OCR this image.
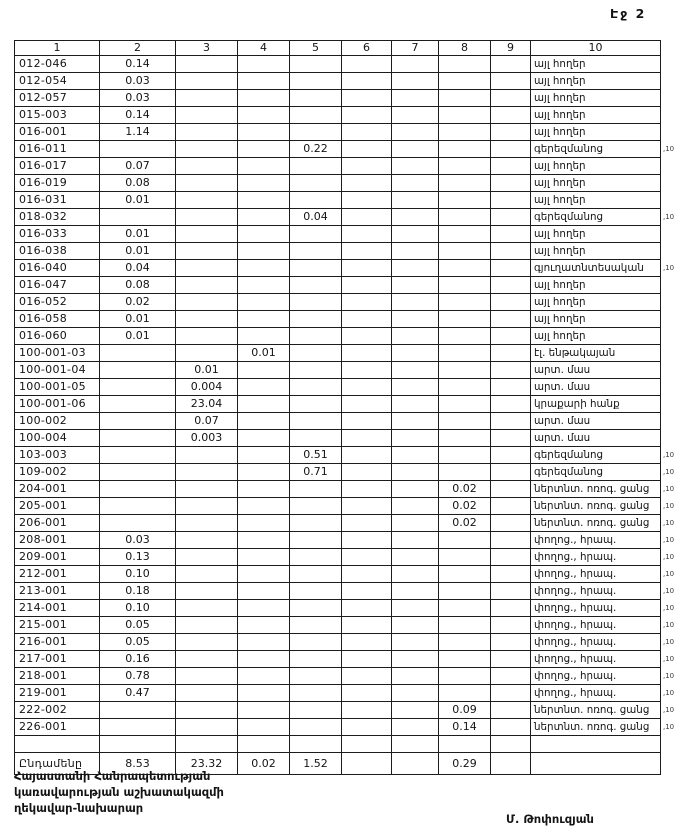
Էջ 2
1	2	3	4	5	6	7	8	9	10	
012-046	0.14								այլ հողեր	
012-054	0.03								այլ հողեր	
012-057	0.03								այլ հողեր	
015-003	0.14								այլ հողեր	
016-001	1.14								այլ հողեր	
016-011				0.22					գերեզմանոց	,10
016-017	0.07								այլ հողեր	
016-019	0.08								այլ հողեր	
016-031	0.01								այլ հողեր	
018-032				0.04					գերեզմանոց	,10
016-033	0.01								այլ հողեր	
016-038	0.01								այլ հողեր	
016-040	0.04								գյուղատնտեսական	,10
016-047	0.08								այլ հողեր	
016-052	0.02								այլ հողեր	
016-058	0.01								այլ հողեր	
016-060	0.01								այլ հողեր	
100-001-03			0.01						էլ. ենթակայան	
100-001-04		0.01							արտ. մաս	
100-001-05		0.004							արտ. մաս	
100-001-06		23.04							կրաքարի հանք	
100-002		0.07							արտ. մաս	
100-004		0.003							արտ. մաս	
103-003				0.51					գերեզմանոց	,10
109-002				0.71					գերեզմանոց	,10
204-001							0.02		ներտնտ. ոռոգ. ցանց	,10
205-001							0.02		ներտնտ. ոռոգ. ցանց	,10
206-001							0.02		ներտնտ. ոռոգ. ցանց	,10
208-001	0.03								փողոց., հրապ.	,10
209-001	0.13								փողոց., հրապ.	,10
212-001	0.10								փողոց., հրապ.	,10
213-001	0.18								փողոց., հրապ.	,10
214-001	0.10								փողոց., հրապ.	,10
215-001	0.05								փողոց., հրապ.	,10
216-001	0.05								փողոց., հրապ.	,10
217-001	0.16								փողոց., հրապ.	,10
218-001	0.78								փողոց., հրապ.	,10
219-001	0.47								փողոց., հրապ.	,10
222-002							0.09		ներտնտ. ոռոգ. ցանց	,10
226-001							0.14		ներտնտ. ոռոգ. ցանց	,10

Ընդամենը	8.53	23.32	0.02	1.52			0.29			
Հայաստանի Հանրապետության
կառավարության աշխատակազմի
ղեկավար-նախարար
Մ. Թոփուզյան
